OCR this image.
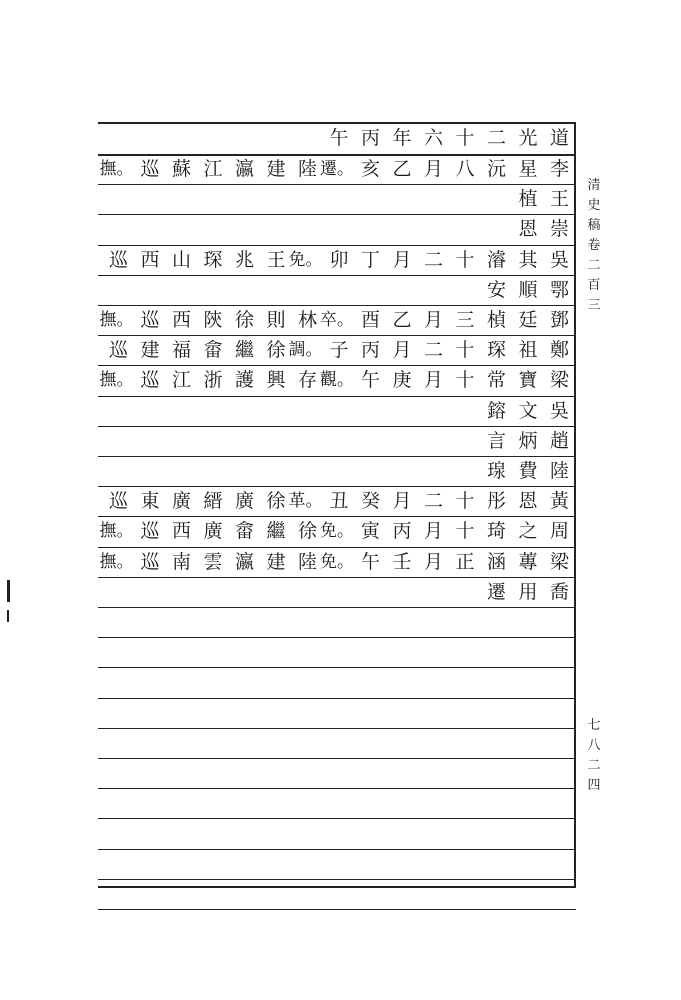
午 丙 年 六 十 二 光 道
撫。 巡 蘇 江 瀛 建 陸 遷。 亥 乙 月 八 沅 星 李
植 王
恩 崇
巡 西 山 琛 兆 王 免。 卯 丁 月 二 十 濬 其 吳
安 順 鄂
撫。 巡 西 陝 徐 則 林 卒。 酉 乙 月 三 楨 廷 鄧
巡 建 福 畲 繼 徐 調。 子 丙 月 二 十 琛 祖 鄭
撫。 巡 江 浙 護 興 存 觀。 午 庚 月 十 常 寶 梁
鎔 文 吳
言 炳 趙
瑔 費 陸
巡 東 廣 縉 廣 徐 革。 丑 癸 月 二 十 彤 恩 黃
撫。 巡 西 廣 畲 繼 徐 免。 寅 丙 月 十 琦 之 周
撫。 巡 南 雲 瀛 建 陸 免。 午 壬 月 正 涵 蓴 梁
遷 用 喬
清
史
稿
卷
二
百
三
七
八
二
四
